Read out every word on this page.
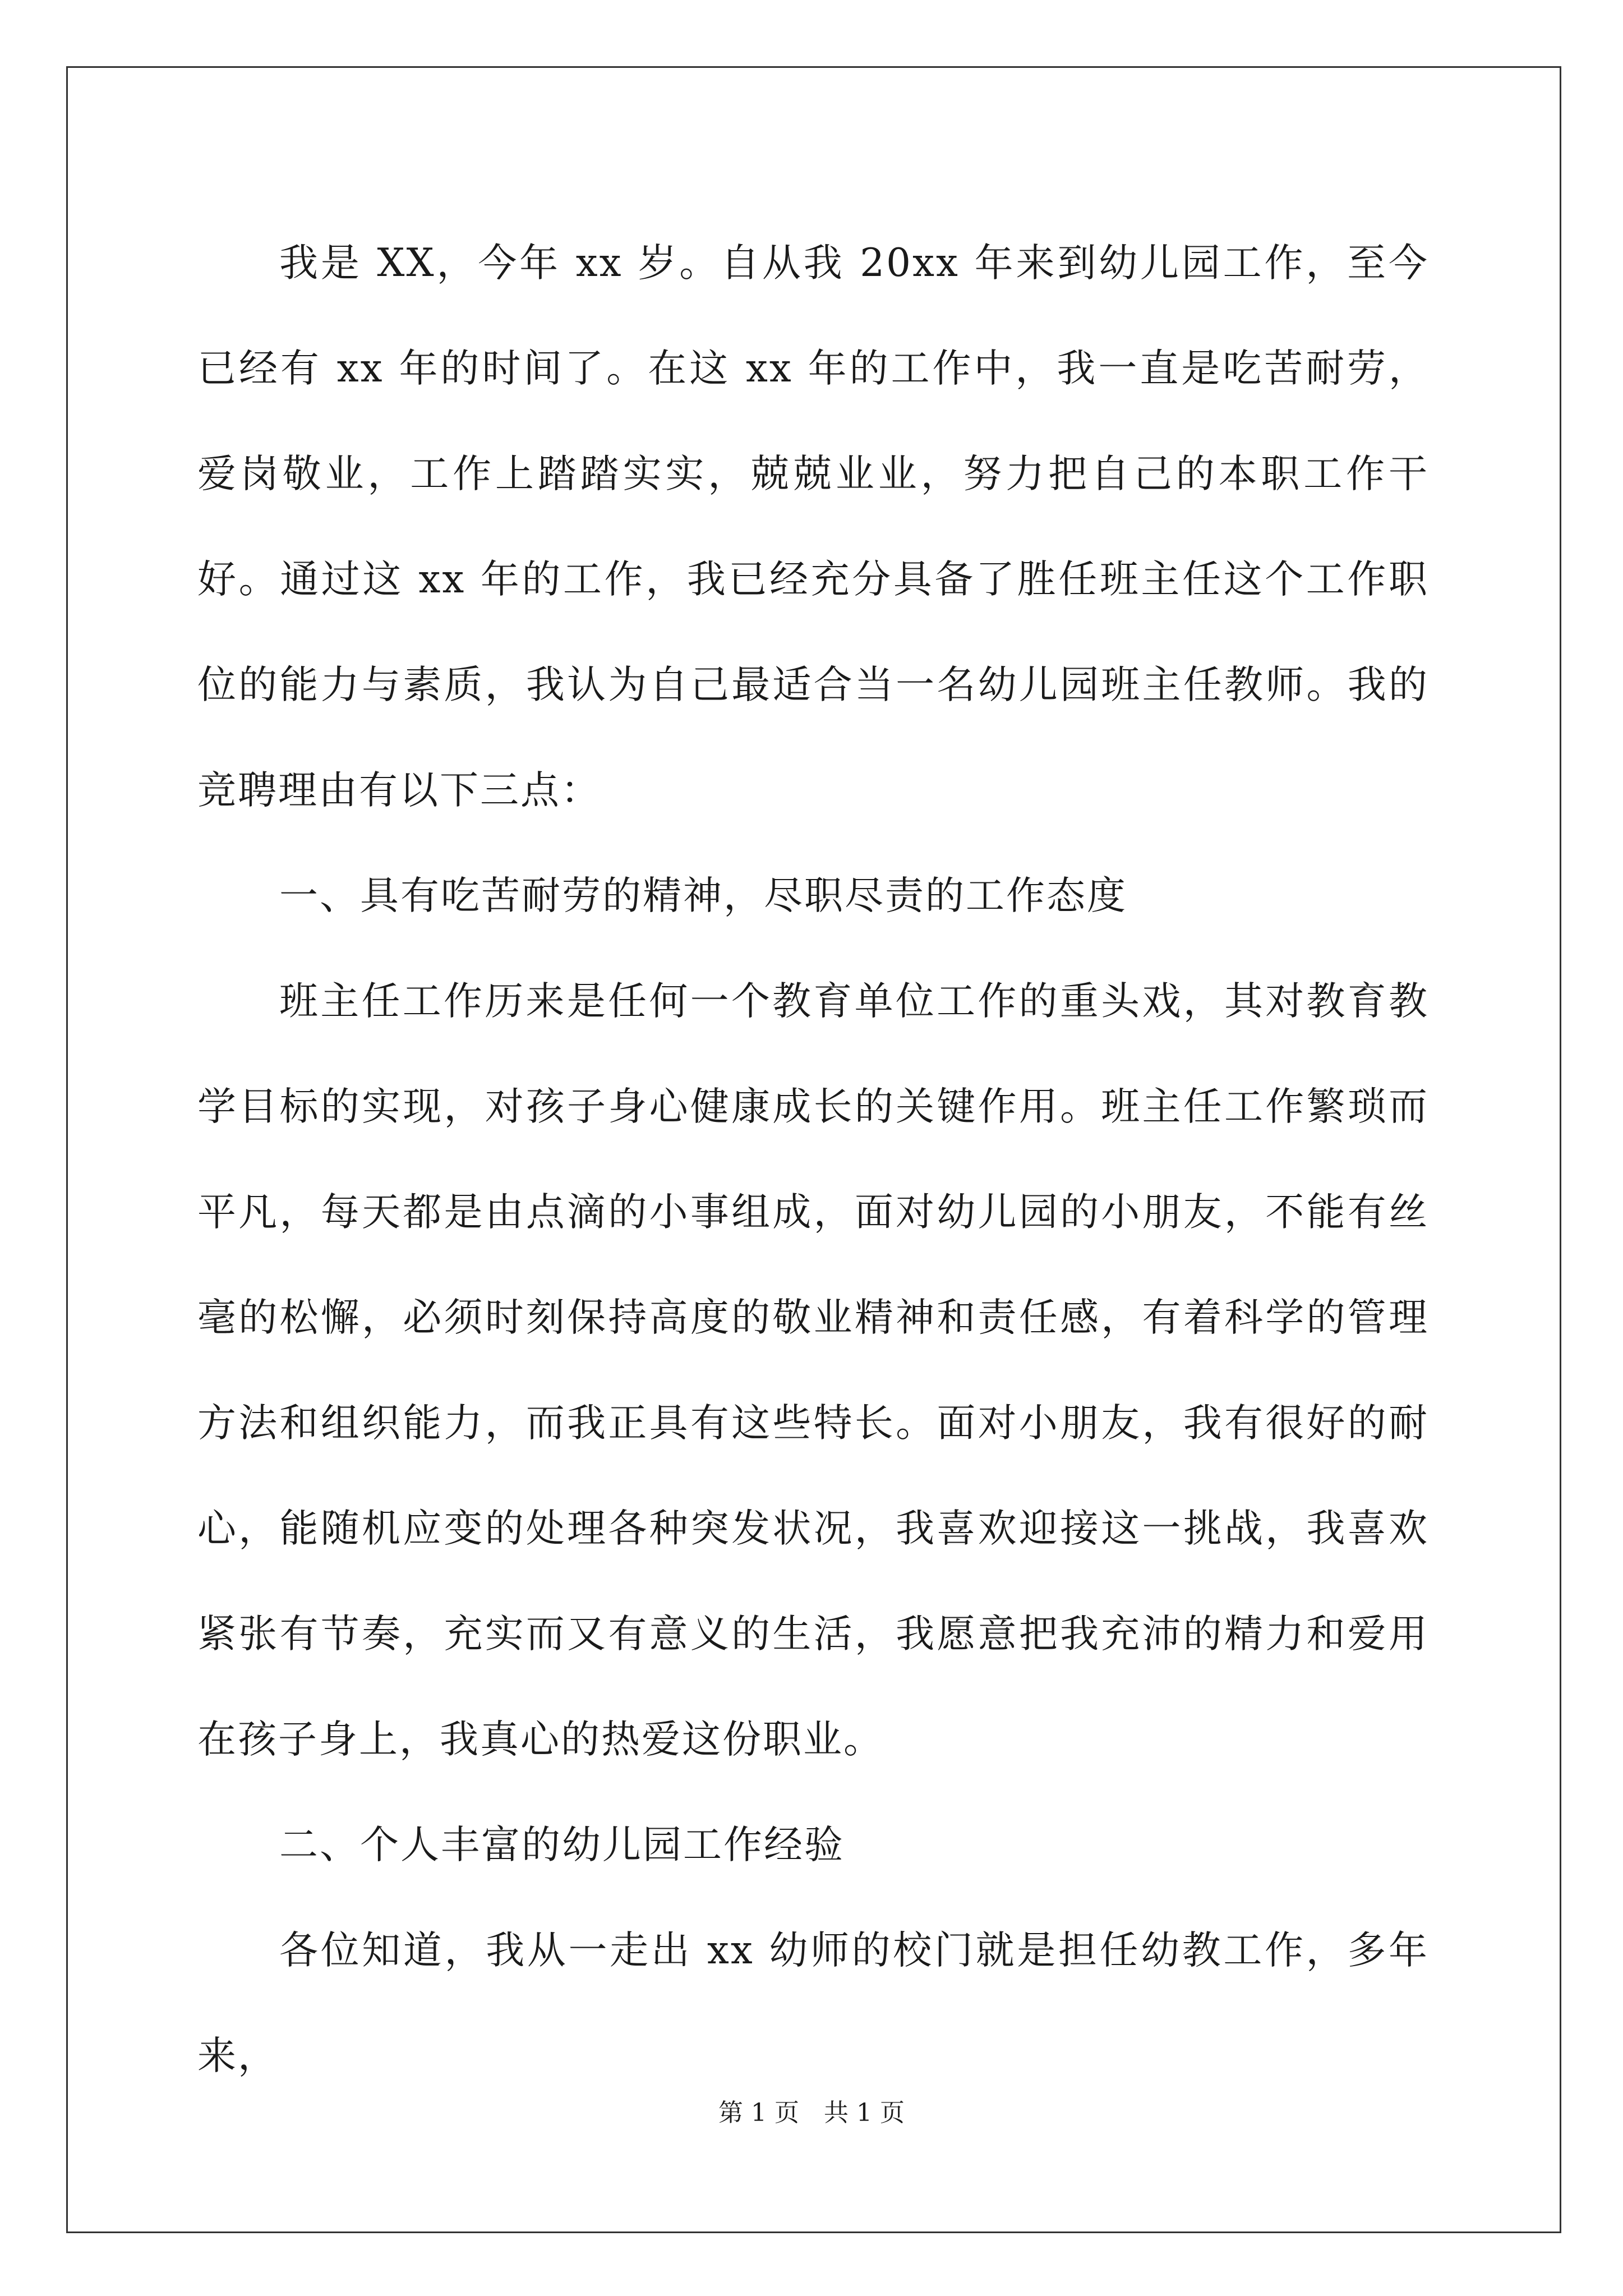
我是 XX，今年 xx 岁。自从我 20xx 年来到幼儿园工作，至今已经有 xx 年的时间了。在这 xx 年的工作中，我一直是吃苦耐劳，爱岗敬业，工作上踏踏实实，兢兢业业，努力把自己的本职工作干好。通过这 xx 年的工作，我已经充分具备了胜任班主任这个工作职位的能力与素质，我认为自己最适合当一名幼儿园班主任教师。我的竞聘理由有以下三点：

一、具有吃苦耐劳的精神，尽职尽责的工作态度

班主任工作历来是任何一个教育单位工作的重头戏，其对教育教学目标的实现，对孩子身心健康成长的关键作用。班主任工作繁琐而平凡，每天都是由点滴的小事组成，面对幼儿园的小朋友，不能有丝毫的松懈，必须时刻保持高度的敬业精神和责任感，有着科学的管理方法和组织能力，而我正具有这些特长。面对小朋友，我有很好的耐心，能随机应变的处理各种突发状况，我喜欢迎接这一挑战，我喜欢紧张有节奏，充实而又有意义的生活，我愿意把我充沛的精力和爱用在孩子身上，我真心的热爱这份职业。

二、个人丰富的幼儿园工作经验

各位知道，我从一走出 xx 幼师的校门就是担任幼教工作，多年来，

第 1 页　共 1 页
